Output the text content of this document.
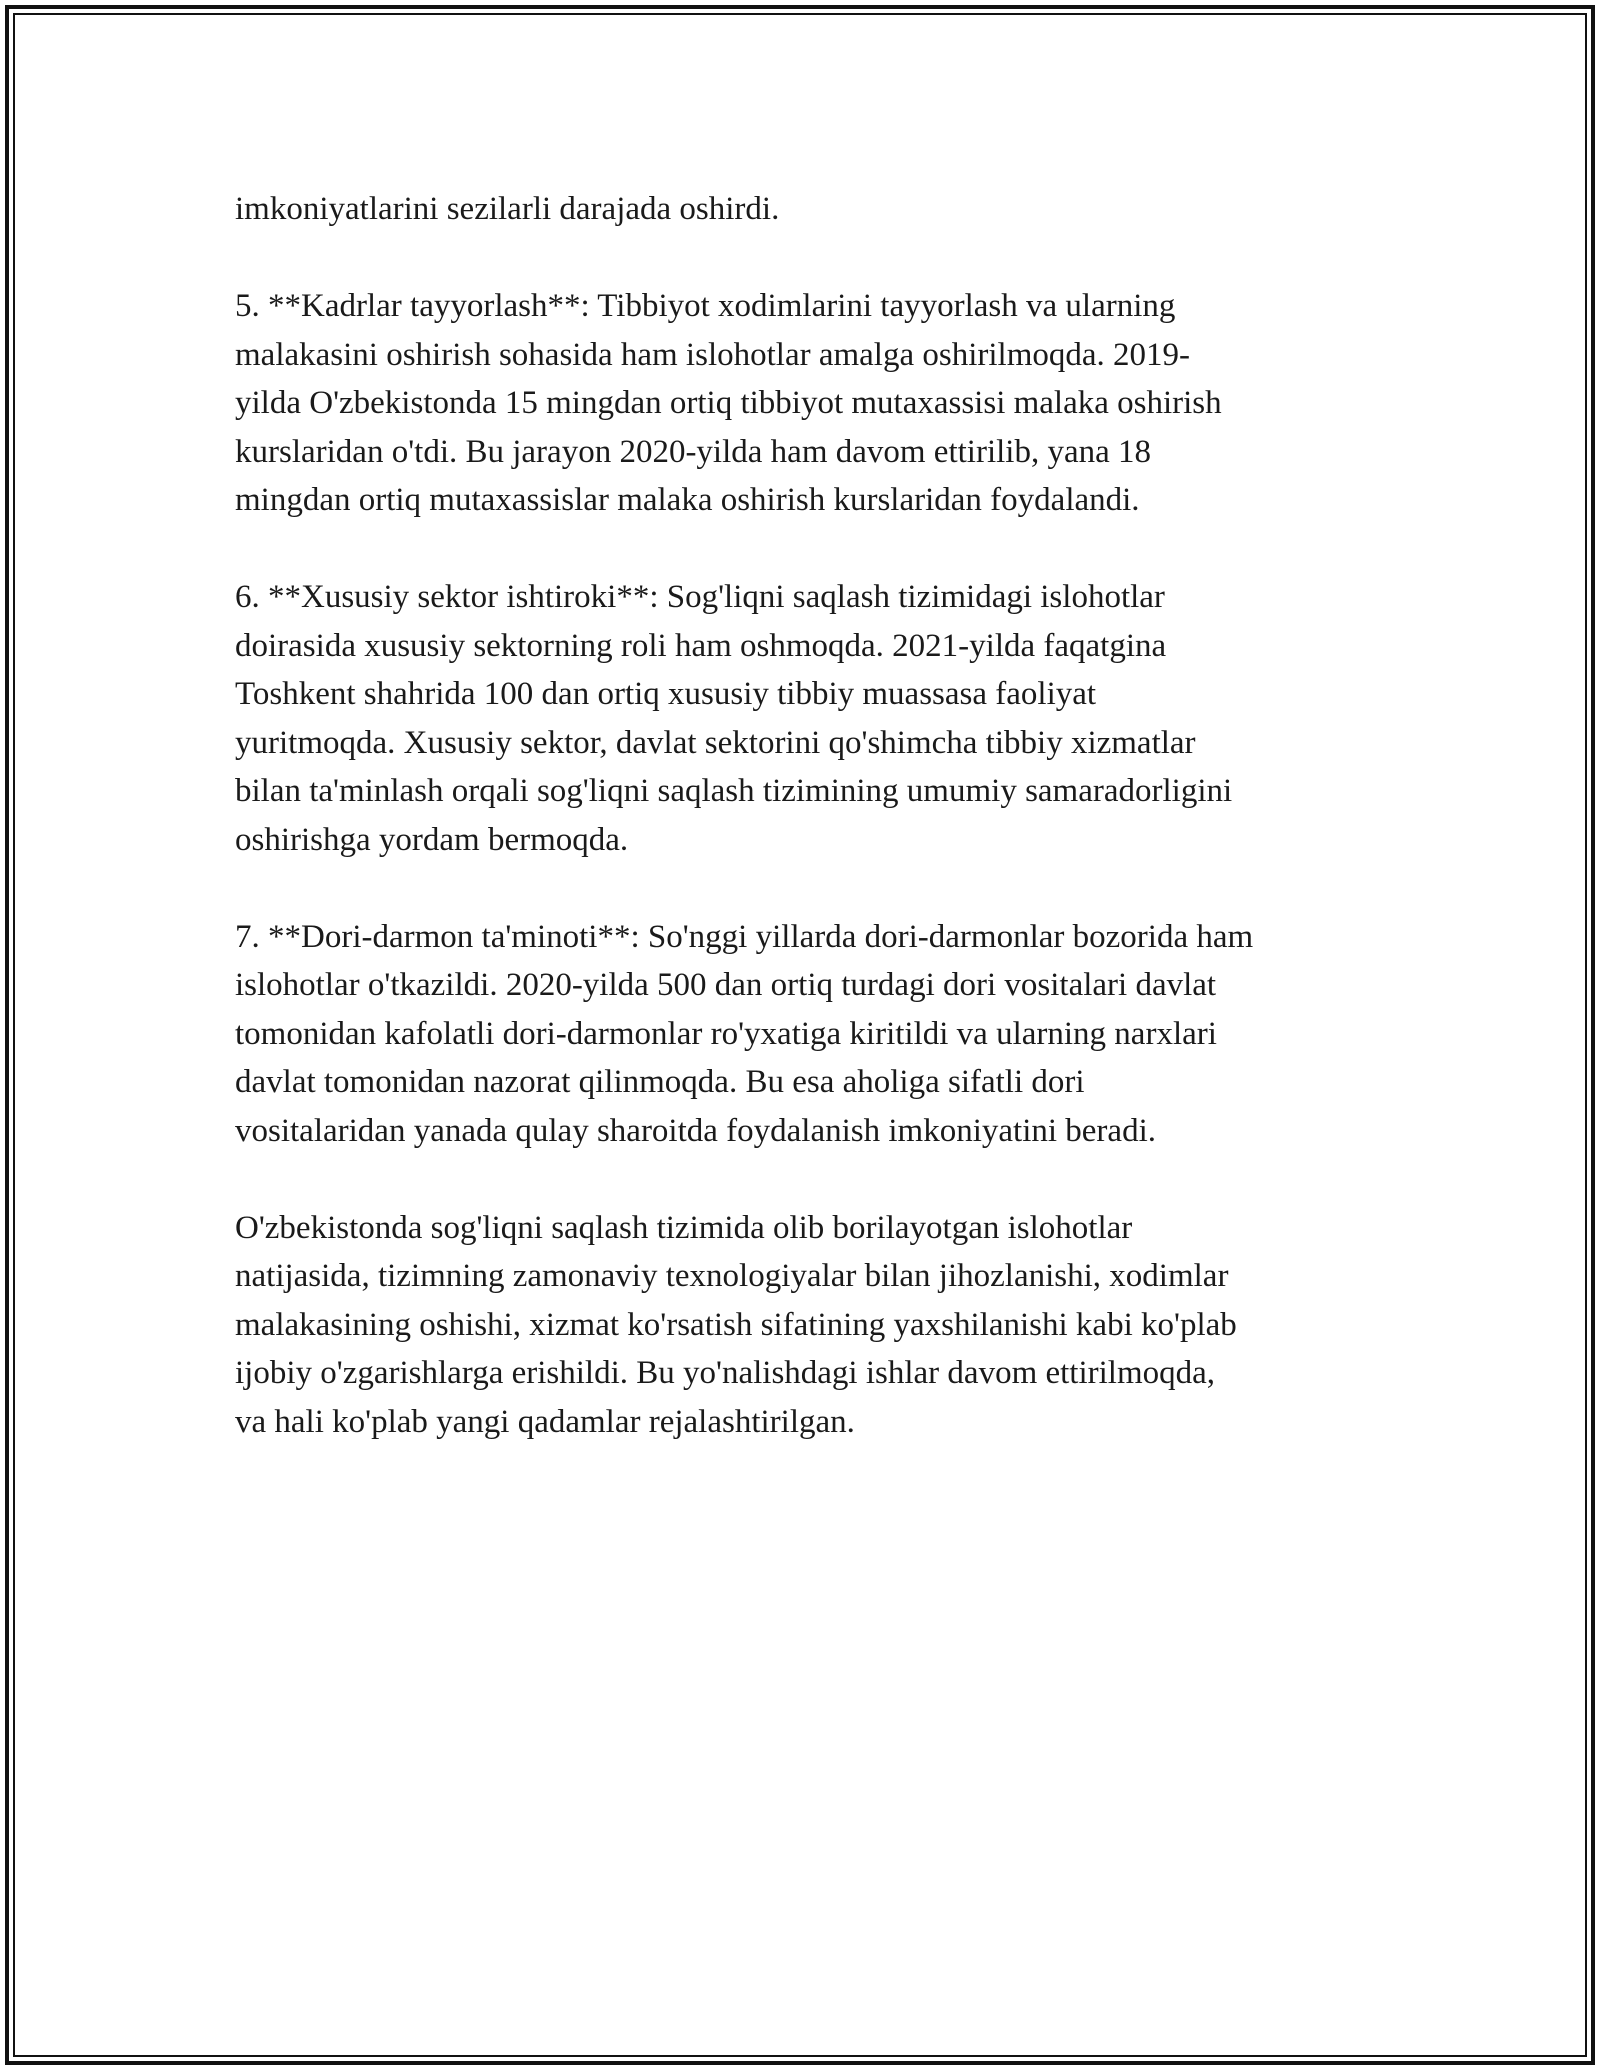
imkoniyatlarini sezilarli darajada oshirdi.

5. **Kadrlar tayyorlash**: Tibbiyot xodimlarini tayyorlash va ularning
malakasini oshirish sohasida ham islohotlar amalga oshirilmoqda. 2019-
yilda O'zbekistonda 15 mingdan ortiq tibbiyot mutaxassisi malaka oshirish
kurslaridan o'tdi. Bu jarayon 2020-yilda ham davom ettirilib, yana 18
mingdan ortiq mutaxassislar malaka oshirish kurslaridan foydalandi.

6. **Xususiy sektor ishtiroki**: Sog'liqni saqlash tizimidagi islohotlar
doirasida xususiy sektorning roli ham oshmoqda. 2021-yilda faqatgina
Toshkent shahrida 100 dan ortiq xususiy tibbiy muassasa faoliyat
yuritmoqda. Xususiy sektor, davlat sektorini qo'shimcha tibbiy xizmatlar
bilan ta'minlash orqali sog'liqni saqlash tizimining umumiy samaradorligini
oshirishga yordam bermoqda.

7. **Dori-darmon ta'minoti**: So'nggi yillarda dori-darmonlar bozorida ham
islohotlar o'tkazildi. 2020-yilda 500 dan ortiq turdagi dori vositalari davlat
tomonidan kafolatli dori-darmonlar ro'yxatiga kiritildi va ularning narxlari
davlat tomonidan nazorat qilinmoqda. Bu esa aholiga sifatli dori
vositalaridan yanada qulay sharoitda foydalanish imkoniyatini beradi.

O'zbekistonda sog'liqni saqlash tizimida olib borilayotgan islohotlar
natijasida, tizimning zamonaviy texnologiyalar bilan jihozlanishi, xodimlar
malakasining oshishi, xizmat ko'rsatish sifatining yaxshilanishi kabi ko'plab
ijobiy o'zgarishlarga erishildi. Bu yo'nalishdagi ishlar davom ettirilmoqda,
va hali ko'plab yangi qadamlar rejalashtirilgan.
